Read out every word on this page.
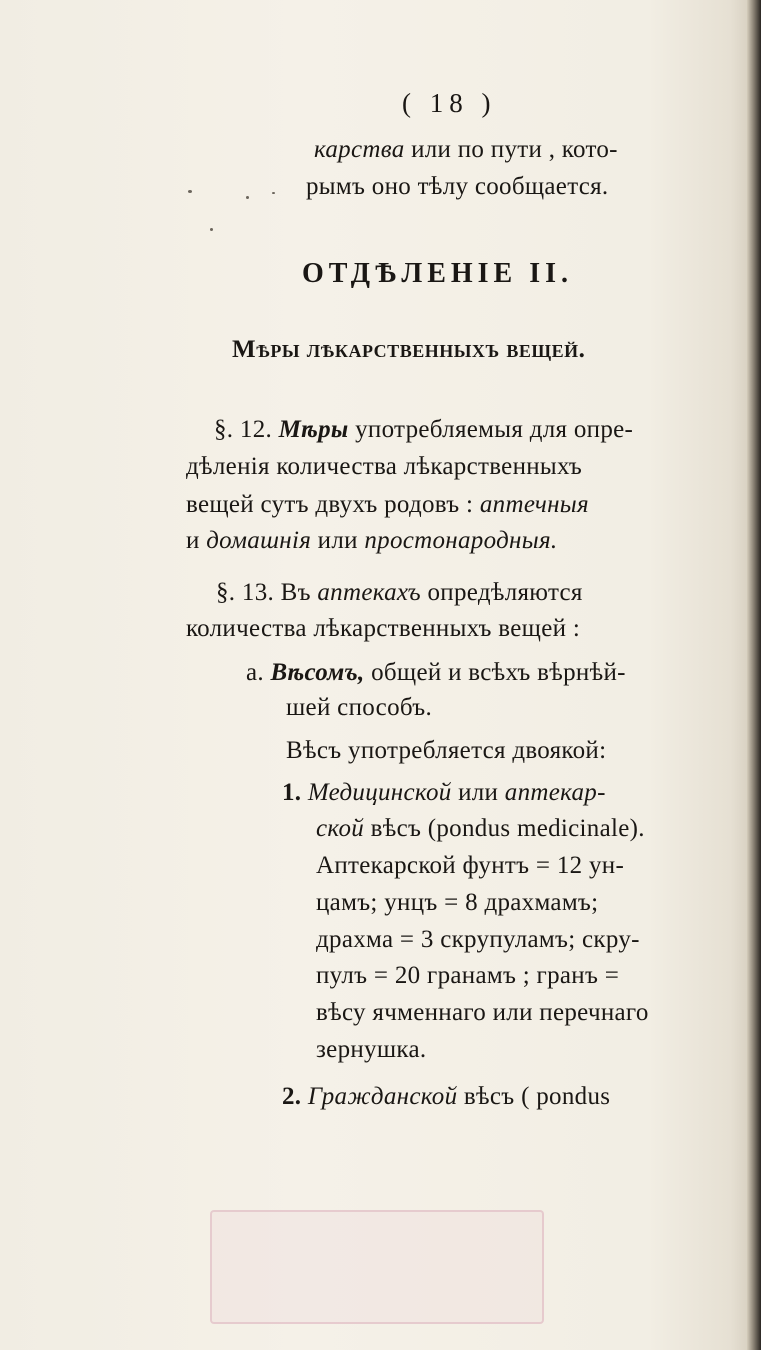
( 18 )
карства или по пути , кото-
рымъ оно тѣлу сообщается.
ОТДѢЛЕНІЕ II.
Мѣры лѣкарственныхъ вещей.
§. 12. Мѣры употребляемыя для опре-
дѣленія количества лѣкарственныхъ
вещей сутъ двухъ родовъ : аптечныя
и домашнія или простонародныя.
§. 13. Въ аптекахъ опредѣляются
количества лѣкарственныхъ вещей :
а. Вѣсомъ, общей и всѣхъ вѣрнѣй-
шей способъ.
Вѣсъ употребляется двоякой:
1. Медицинской или аптекар-
ской вѣсъ (pondus medicinale).
Аптекарской фунтъ = 12 ун-
цамъ; унцъ = 8 драхмамъ;
драхма = 3 скрупуламъ; скру-
пулъ = 20 гранамъ ; гранъ =
вѣсу ячменнаго или перечнаго
зернушка.
2. Гражданской вѣсъ ( pondus
